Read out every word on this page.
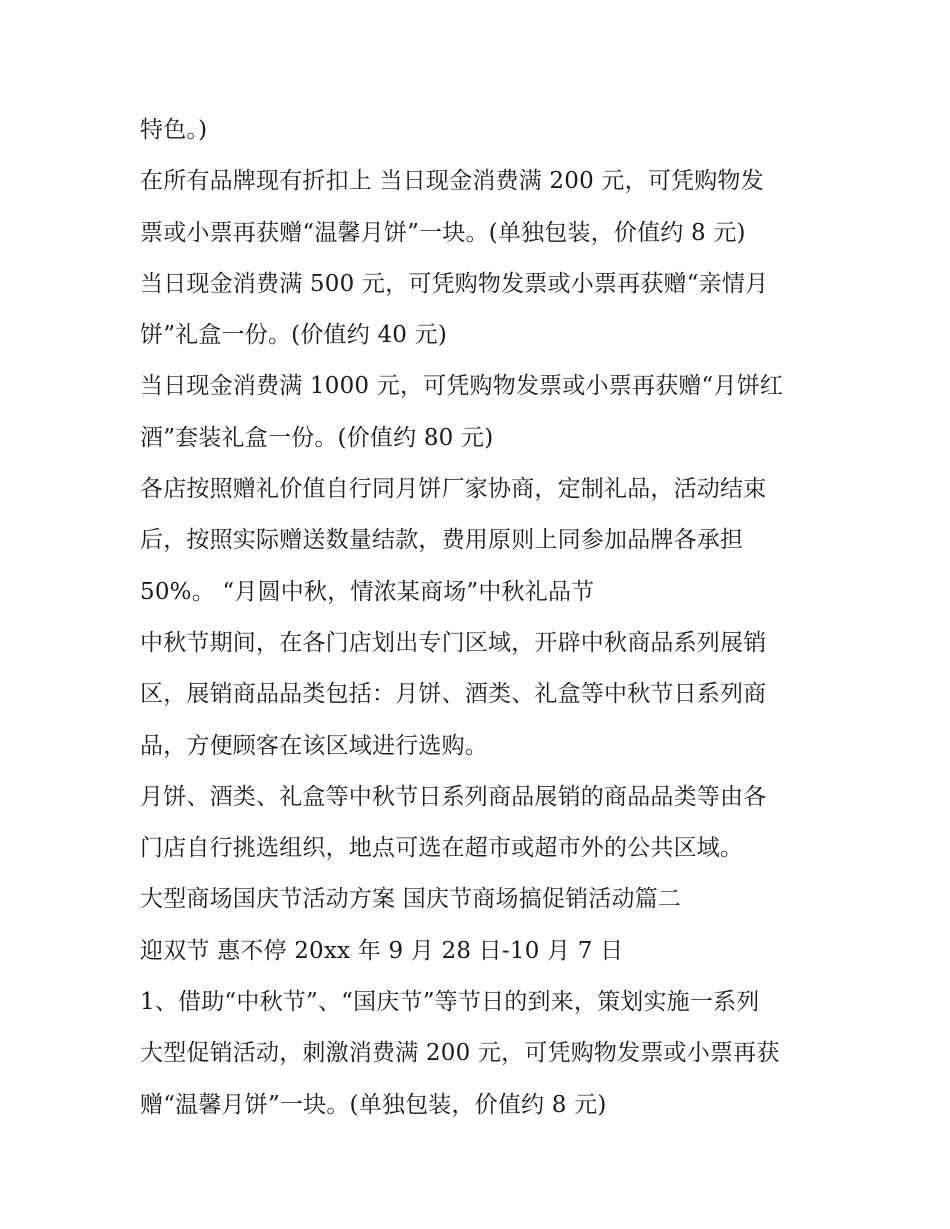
特色。)
在所有品牌现有折扣上 当日现金消费满 200 元，可凭购物发
票或小票再获赠“温馨月饼”一块。(单独包装，价值约 8 元)
当日现金消费满 500 元，可凭购物发票或小票再获赠“亲情月
饼”礼盒一份。(价值约 40 元)
当日现金消费满 1000 元，可凭购物发票或小票再获赠“月饼红
酒”套装礼盒一份。(价值约 80 元)
各店按照赠礼价值自行同月饼厂家协商，定制礼品，活动结束
后，按照实际赠送数量结款，费用原则上同参加品牌各承担
50%。 “月圆中秋，情浓某商场”中秋礼品节
中秋节期间，在各门店划出专门区域，开辟中秋商品系列展销
区，展销商品品类包括：月饼、酒类、礼盒等中秋节日系列商
品，方便顾客在该区域进行选购。
月饼、酒类、礼盒等中秋节日系列商品展销的商品品类等由各
门店自行挑选组织，地点可选在超市或超市外的公共区域。
大型商场国庆节活动方案 国庆节商场搞促销活动篇二
迎双节 惠不停 20xx 年 9 月 28 日-10 月 7 日
1、借助“中秋节”、“国庆节”等节日的到来，策划实施一系列
大型促销活动，刺激消费满 200 元，可凭购物发票或小票再获
赠“温馨月饼”一块。(单独包装，价值约 8 元)
